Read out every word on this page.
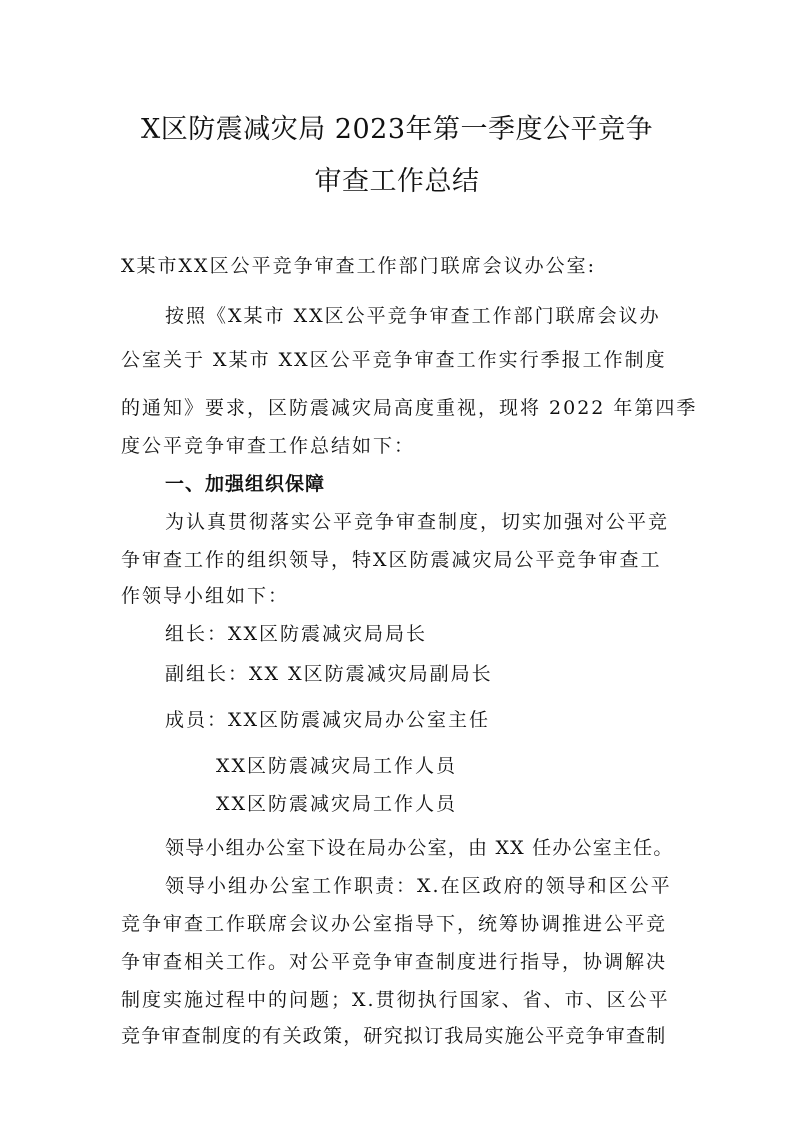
X区防震减灾局 2023年第一季度公平竞争
审查工作总结
X某市XX区公平竞争审查工作部门联席会议办公室:
按照《X某市 XX区公平竞争审查工作部门联席会议办
公室关于 X某市 XX区公平竞争审查工作实行季报工作制度
的通知》要求，区防震减灾局高度重视，现将 2022 年第四季
度公平竞争审查工作总结如下：
一、加强组织保障
为认真贯彻落实公平竞争审查制度，切实加强对公平竞
争审查工作的组织领导，特X区防震减灾局公平竞争审查工
作领导小组如下：
组长：XX区防震减灾局局长
副组长：XX X区防震减灾局副局长
成员：XX区防震减灾局办公室主任
XX区防震减灾局工作人员
XX区防震减灾局工作人员
领导小组办公室下设在局办公室，由 XX 任办公室主任。
领导小组办公室工作职责：X.在区政府的领导和区公平
竞争审查工作联席会议办公室指导下，统筹协调推进公平竞
争审查相关工作。对公平竞争审查制度进行指导，协调解决
制度实施过程中的问题；X.贯彻执行国家、省、市、区公平
竞争审查制度的有关政策，研究拟订我局实施公平竞争审查制
